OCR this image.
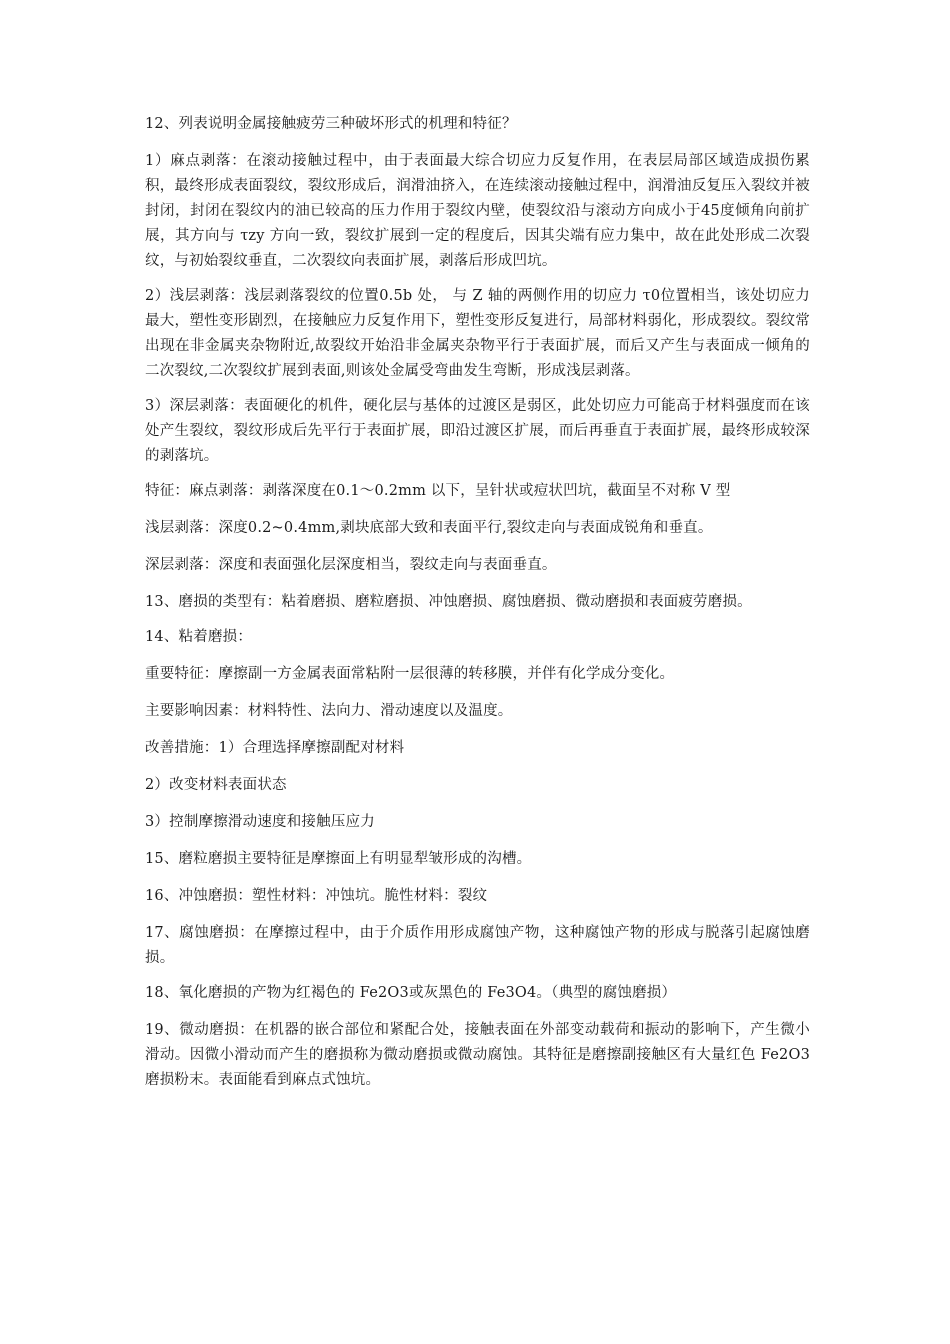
12、列表说明金属接触疲劳三种破坏形式的机理和特征？

1）麻点剥落：在滚动接触过程中，由于表面最大综合切应力反复作用，在表层局部区域造成损伤累积，最终形成表面裂纹，裂纹形成后，润滑油挤入，在连续滚动接触过程中，润滑油反复压入裂纹并被封闭，封闭在裂纹内的油已较高的压力作用于裂纹内壁，使裂纹沿与滚动方向成小于45度倾角向前扩展，其方向与 τzy 方向一致，裂纹扩展到一定的程度后，因其尖端有应力集中，故在此处形成二次裂纹，与初始裂纹垂直，二次裂纹向表面扩展，剥落后形成凹坑。

2）浅层剥落：浅层剥落裂纹的位置0.5b 处， 与 Z 轴的两侧作用的切应力 τ0位置相当，该处切应力最大，塑性变形剧烈，在接触应力反复作用下，塑性变形反复进行，局部材料弱化，形成裂纹。裂纹常出现在非金属夹杂物附近,故裂纹开始沿非金属夹杂物平行于表面扩展，而后又产生与表面成一倾角的二次裂纹,二次裂纹扩展到表面,则该处金属受弯曲发生弯断，形成浅层剥落。

3）深层剥落：表面硬化的机件，硬化层与基体的过渡区是弱区，此处切应力可能高于材料强度而在该处产生裂纹，裂纹形成后先平行于表面扩展，即沿过渡区扩展，而后再垂直于表面扩展，最终形成较深的剥落坑。

特征：麻点剥落：剥落深度在0.1～0.2mm 以下，呈针状或痘状凹坑，截面呈不对称 V 型

浅层剥落：深度0.2~0.4mm,剥块底部大致和表面平行,裂纹走向与表面成锐角和垂直。

深层剥落：深度和表面强化层深度相当，裂纹走向与表面垂直。

13、磨损的类型有：粘着磨损、磨粒磨损、冲蚀磨损、腐蚀磨损、微动磨损和表面疲劳磨损。

14、粘着磨损：

重要特征：摩擦副一方金属表面常粘附一层很薄的转移膜，并伴有化学成分变化。

主要影响因素：材料特性、法向力、滑动速度以及温度。

改善措施：1）合理选择摩擦副配对材料

2）改变材料表面状态

3）控制摩擦滑动速度和接触压应力

15、磨粒磨损主要特征是摩擦面上有明显犁皱形成的沟槽。

16、冲蚀磨损：塑性材料：冲蚀坑。脆性材料：裂纹

17、腐蚀磨损：在摩擦过程中，由于介质作用形成腐蚀产物，这种腐蚀产物的形成与脱落引起腐蚀磨损。

18、氧化磨损的产物为红褐色的 Fe2O3或灰黑色的 Fe3O4。（典型的腐蚀磨损）

19、微动磨损：在机器的嵌合部位和紧配合处，接触表面在外部变动载荷和振动的影响下，产生微小滑动。因微小滑动而产生的磨损称为微动磨损或微动腐蚀。其特征是磨擦副接触区有大量红色 Fe2O3磨损粉末。表面能看到麻点式蚀坑。
